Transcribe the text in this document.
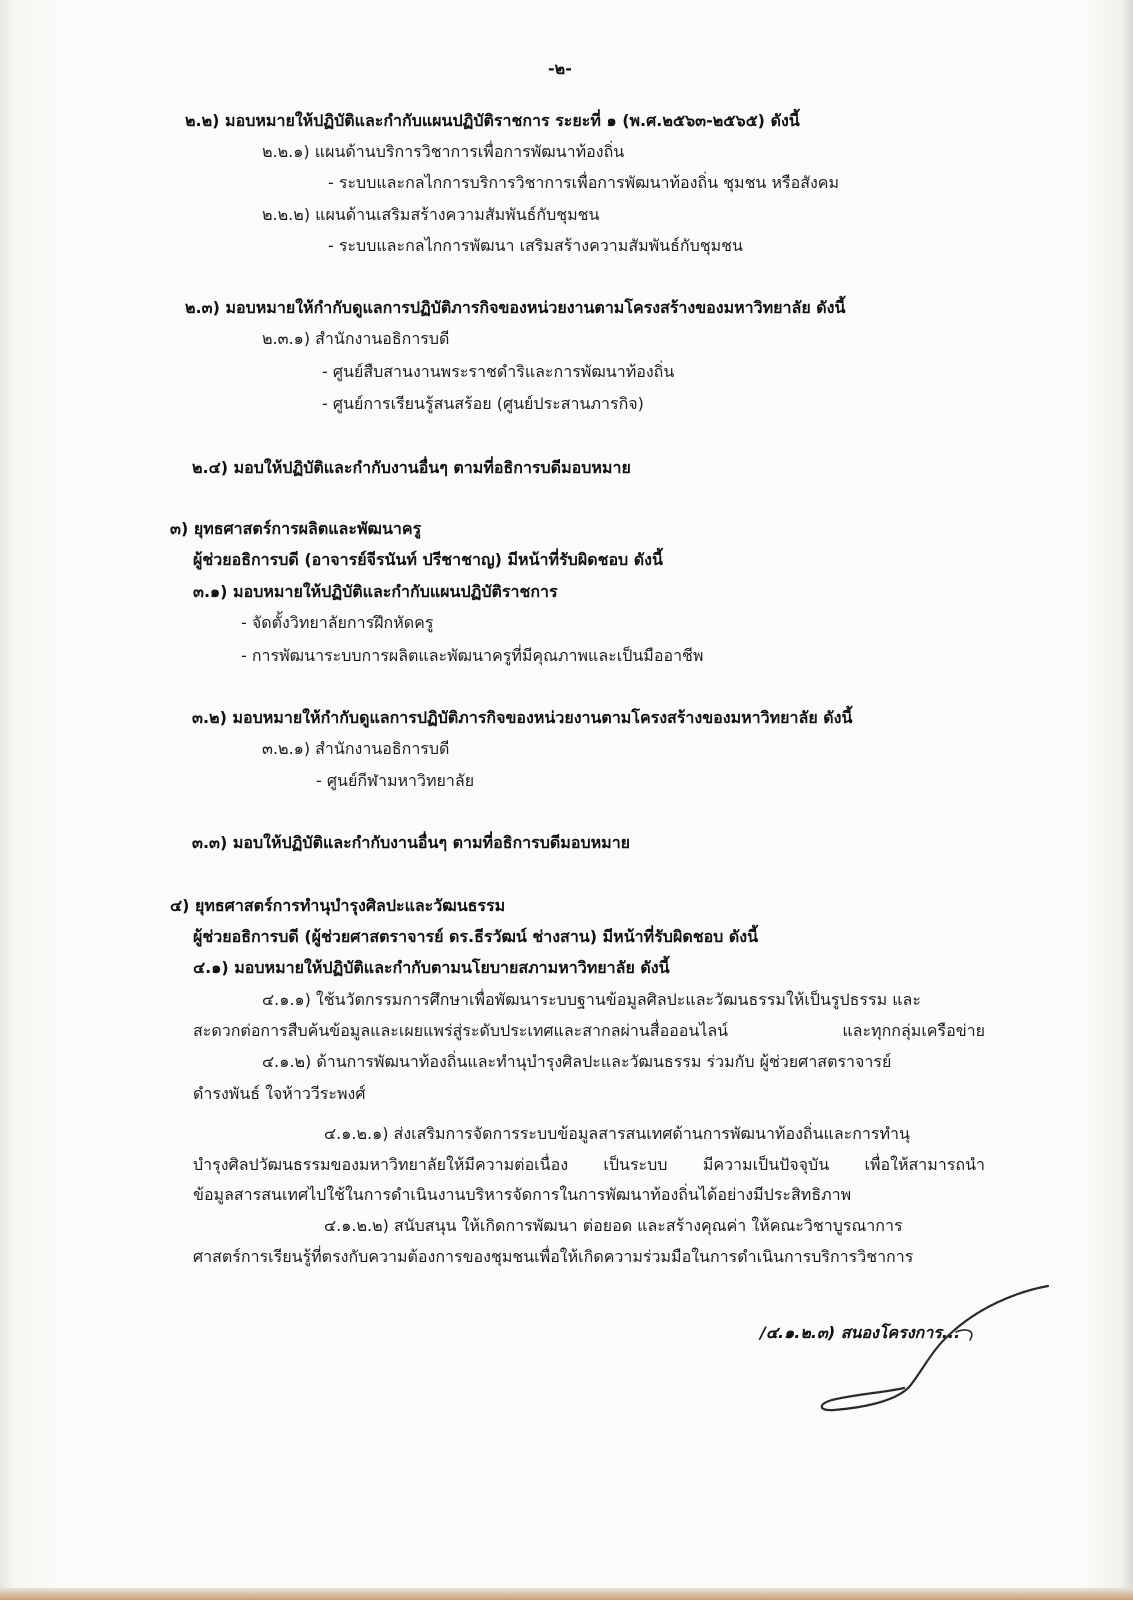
-๒-

๒.๒) มอบหมายให้ปฏิบัติและกำกับแผนปฏิบัติราชการ ระยะที่ ๑ (พ.ศ.๒๕๖๓-๒๕๖๕) ดังนี้

๒.๒.๑) แผนด้านบริการวิชาการเพื่อการพัฒนาท้องถิ่น

- ระบบและกลไกการบริการวิชาการเพื่อการพัฒนาท้องถิ่น ชุมชน หรือสังคม

๒.๒.๒) แผนด้านเสริมสร้างความสัมพันธ์กับชุมชน

- ระบบและกลไกการพัฒนา เสริมสร้างความสัมพันธ์กับชุมชน

๒.๓) มอบหมายให้กำกับดูแลการปฏิบัติภารกิจของหน่วยงานตามโครงสร้างของมหาวิทยาลัย ดังนี้

๒.๓.๑) สำนักงานอธิการบดี

- ศูนย์สืบสานงานพระราชดำริและการพัฒนาท้องถิ่น

- ศูนย์การเรียนรู้สนสร้อย (ศูนย์ประสานภารกิจ)

๒.๔) มอบให้ปฏิบัติและกำกับงานอื่นๆ ตามที่อธิการบดีมอบหมาย

๓) ยุทธศาสตร์การผลิตและพัฒนาครู

ผู้ช่วยอธิการบดี (อาจารย์จีรนันท์ ปรีชาชาญ) มีหน้าที่รับผิดชอบ ดังนี้

๓.๑) มอบหมายให้ปฏิบัติและกำกับแผนปฏิบัติราชการ

- จัดตั้งวิทยาลัยการฝึกหัดครู

- การพัฒนาระบบการผลิตและพัฒนาครูที่มีคุณภาพและเป็นมืออาชีพ

๓.๒) มอบหมายให้กำกับดูแลการปฏิบัติภารกิจของหน่วยงานตามโครงสร้างของมหาวิทยาลัย ดังนี้

๓.๒.๑) สำนักงานอธิการบดี

- ศูนย์กีฬามหาวิทยาลัย

๓.๓) มอบให้ปฏิบัติและกำกับงานอื่นๆ ตามที่อธิการบดีมอบหมาย

๔) ยุทธศาสตร์การทำนุบำรุงศิลปะและวัฒนธรรม

ผู้ช่วยอธิการบดี (ผู้ช่วยศาสตราจารย์ ดร.ธีรวัฒน์ ช่างสาน) มีหน้าที่รับผิดชอบ ดังนี้

๔.๑) มอบหมายให้ปฏิบัติและกำกับตามนโยบายสภามหาวิทยาลัย ดังนี้

๔.๑.๑) ใช้นวัตกรรมการศึกษาเพื่อพัฒนาระบบฐานข้อมูลศิลปะและวัฒนธรรมให้เป็นรูปธรรม และ

สะดวกต่อการสืบค้นข้อมูลและเผยแพร่สู่ระดับประเทศและสากลผ่านสื่อออนไลน์ และทุกกลุ่มเครือข่าย

๔.๑.๒) ด้านการพัฒนาท้องถิ่นและทำนุบำรุงศิลปะและวัฒนธรรม ร่วมกับ ผู้ช่วยศาสตราจารย์

ดำรงพันธ์ ใจห้าววีระพงศ์

๔.๑.๒.๑) ส่งเสริมการจัดการระบบข้อมูลสารสนเทศด้านการพัฒนาท้องถิ่นและการทำนุ

บำรุงศิลปวัฒนธรรมของมหาวิทยาลัยให้มีความต่อเนื่อง เป็นระบบ มีความเป็นปัจจุบัน เพื่อให้สามารถนำ

ข้อมูลสารสนเทศไปใช้ในการดำเนินงานบริหารจัดการในการพัฒนาท้องถิ่นได้อย่างมีประสิทธิภาพ

๔.๑.๒.๒) สนับสนุน ให้เกิดการพัฒนา ต่อยอด และสร้างคุณค่า ให้คณะวิชาบูรณาการ

ศาสตร์การเรียนรู้ที่ตรงกับความต้องการของชุมชนเพื่อให้เกิดความร่วมมือในการดำเนินการบริการวิชาการ

/๔.๑.๒.๓) สนองโครงการ...
